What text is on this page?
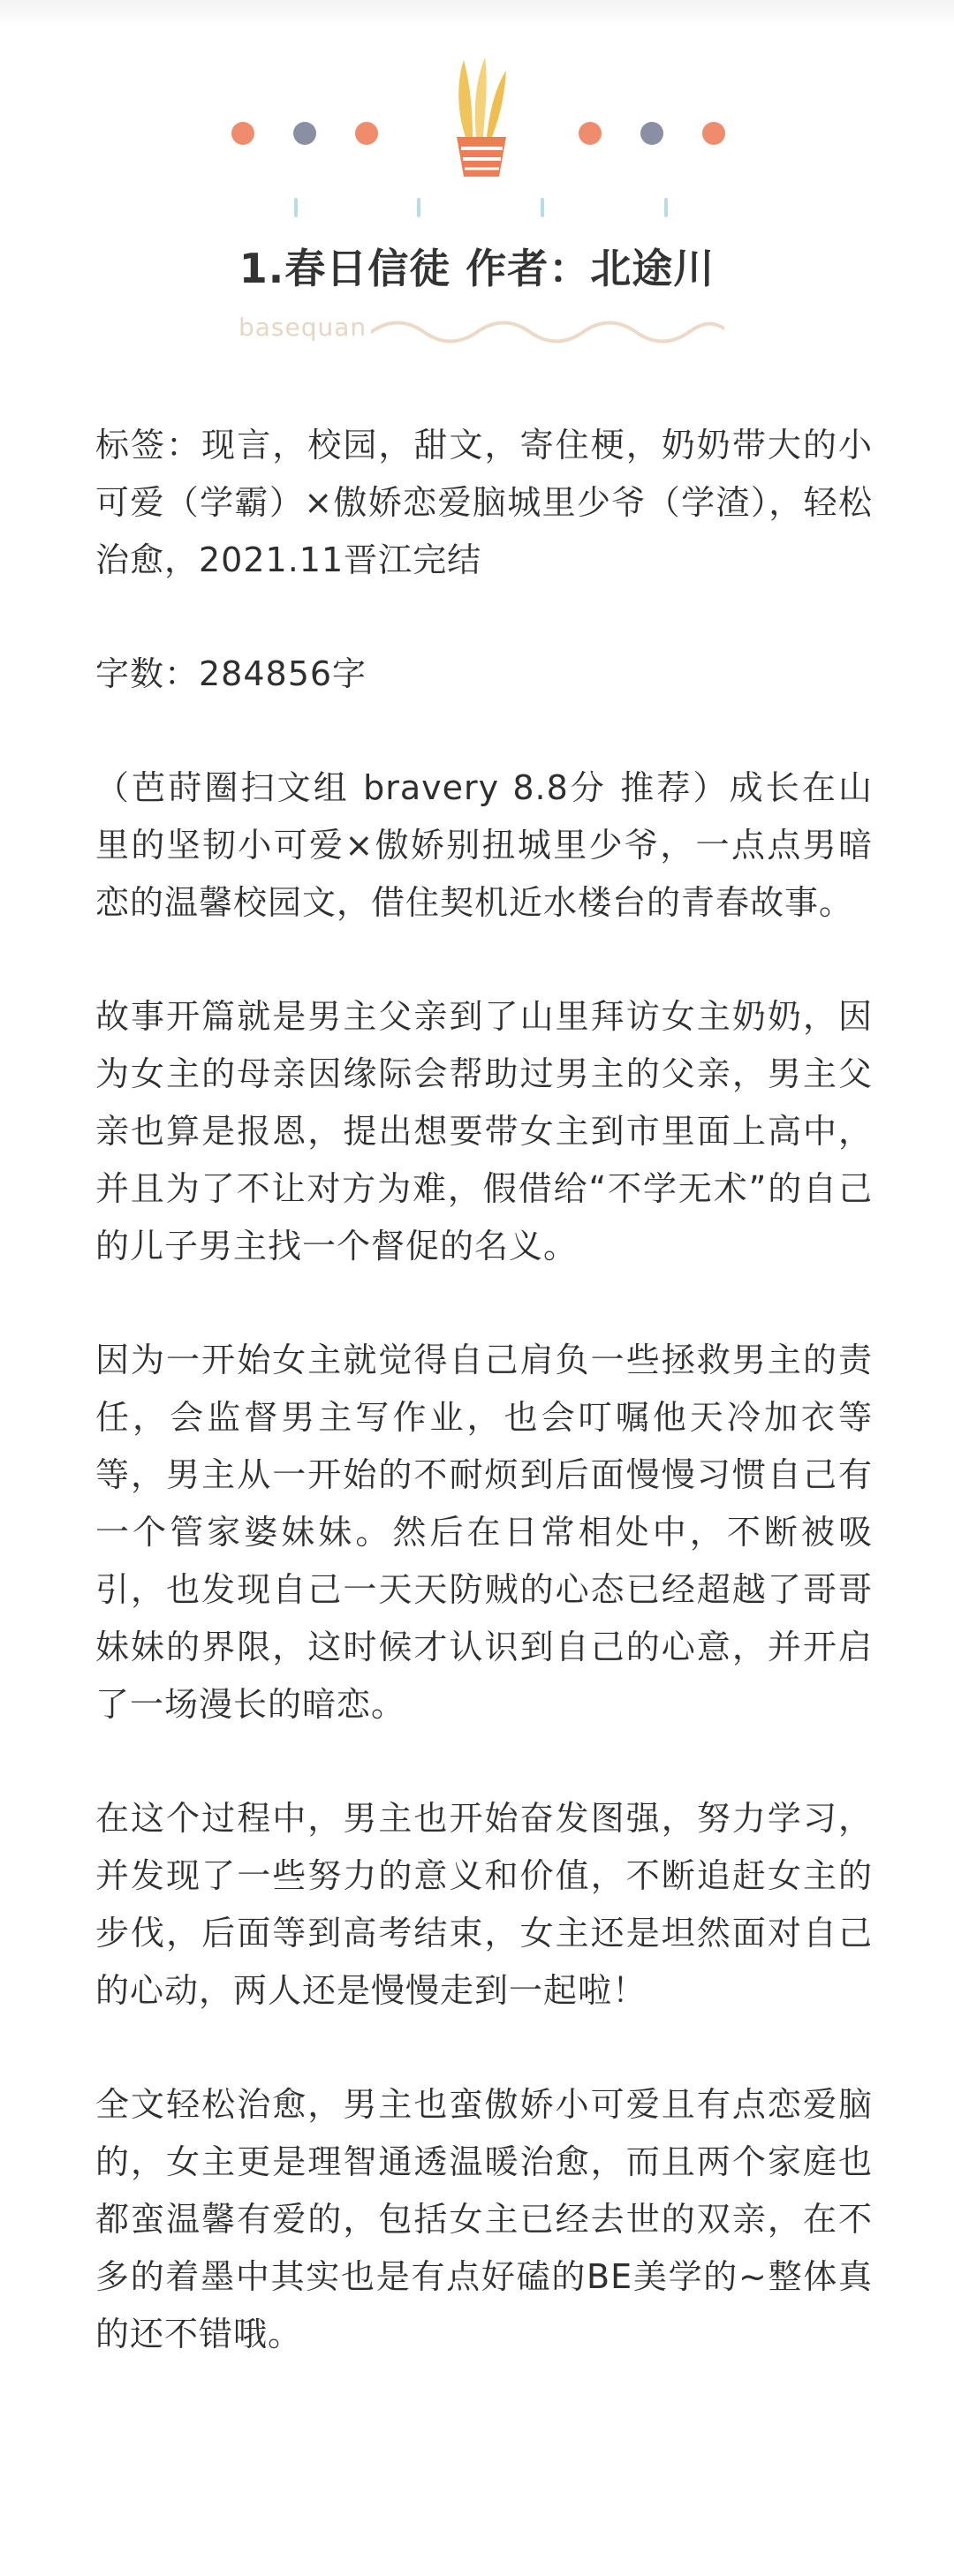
1.春日信徒 作者：北途川
basequan

标签：现言，校园，甜文，寄住梗，奶奶带大的小可爱（学霸）×傲娇恋爱脑城里少爷（学渣），轻松治愈，2021.11晋江完结

字数：284856字

（芭莳圈扫文组 bravery 8.8分 推荐）成长在山里的坚韧小可爱×傲娇别扭城里少爷，一点点男暗恋的温馨校园文，借住契机近水楼台的青春故事。

故事开篇就是男主父亲到了山里拜访女主奶奶，因为女主的母亲因缘际会帮助过男主的父亲，男主父亲也算是报恩，提出想要带女主到市里面上高中，并且为了不让对方为难，假借给“不学无术”的自己的儿子男主找一个督促的名义。

因为一开始女主就觉得自己肩负一些拯救男主的责任，会监督男主写作业，也会叮嘱他天冷加衣等等，男主从一开始的不耐烦到后面慢慢习惯自己有一个管家婆妹妹。然后在日常相处中，不断被吸引，也发现自己一天天防贼的心态已经超越了哥哥妹妹的界限，这时候才认识到自己的心意，并开启了一场漫长的暗恋。

在这个过程中，男主也开始奋发图强，努力学习，并发现了一些努力的意义和价值，不断追赶女主的步伐，后面等到高考结束，女主还是坦然面对自己的心动，两人还是慢慢走到一起啦！

全文轻松治愈，男主也蛮傲娇小可爱且有点恋爱脑的，女主更是理智通透温暖治愈，而且两个家庭也都蛮温馨有爱的，包括女主已经去世的双亲，在不多的着墨中其实也是有点好磕的BE美学的~整体真的还不错哦。
